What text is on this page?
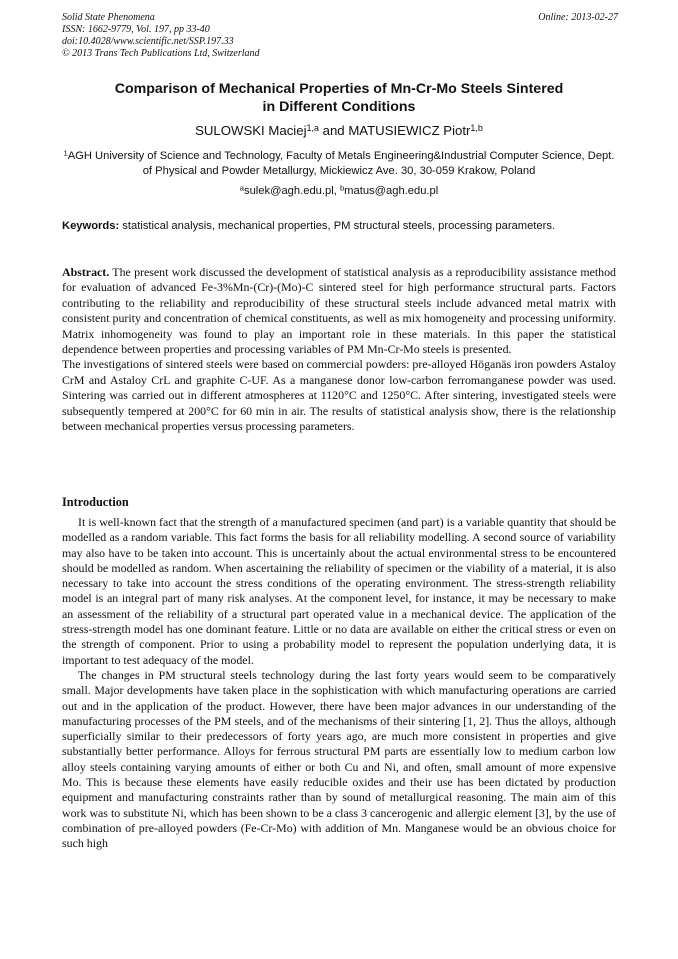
Solid State Phenomena
ISSN: 1662-9779, Vol. 197, pp 33-40
doi:10.4028/www.scientific.net/SSP.197.33
© 2013 Trans Tech Publications Ltd, Switzerland
Online: 2013-02-27
Comparison of Mechanical Properties of Mn-Cr-Mo Steels Sintered
in Different Conditions
SULOWSKI Maciej$^{1,a}$ and MATUSIEWICZ Piotr$^{1,b}$
$^1$AGH University of Science and Technology, Faculty of Metals Engineering&Industrial Computer Science, Dept. of Physical and Powder Metallurgy, Mickiewicz Ave. 30, 30-059 Krakow, Poland
$^a$sulek@agh.edu.pl, $^b$matus@agh.edu.pl
Keywords: statistical analysis, mechanical properties, PM structural steels, processing parameters.

Abstract. The present work discussed the development of statistical analysis as a reproducibility assistance method for evaluation of advanced Fe-3%Mn-(Cr)-(Mo)-C sintered steel for high performance structural parts. Factors contributing to the reliability and reproducibility of these structural steels include advanced metal matrix with consistent purity and concentration of chemical constituents, as well as mix homogeneity and processing uniformity. Matrix inhomogeneity was found to play an important role in these materials. In this paper the statistical dependence between properties and processing variables of PM Mn-Cr-Mo steels is presented.

The investigations of sintered steels were based on commercial powders: pre-alloyed Höganäs iron powders Astaloy CrM and Astaloy CrL and graphite C-UF. As a manganese donor low-carbon ferromanganese powder was used. Sintering was carried out in different atmospheres at 1120°C and 1250°C. After sintering, investigated steels were subsequently tempered at 200°C for 60 min in air. The results of statistical analysis show, there is the relationship between mechanical properties versus processing parameters.

Introduction

It is well-known fact that the strength of a manufactured specimen (and part) is a variable quantity that should be modelled as a random variable. This fact forms the basis for all reliability modelling. A second source of variability may also have to be taken into account. This is uncertainly about the actual environmental stress to be encountered should be modelled as random. When ascertaining the reliability of specimen or the viability of a material, it is also necessary to take into account the stress conditions of the operating environment. The stress-strength reliability model is an integral part of many risk analyses. At the component level, for instance, it may be necessary to make an assessment of the reliability of a structural part operated value in a mechanical device. The application of the stress-strength model has one dominant feature. Little or no data are available on either the critical stress or even on the strength of component. Prior to using a probability model to represent the population underlying data, it is important to test adequacy of the model.

The changes in PM structural steels technology during the last forty years would seem to be comparatively small. Major developments have taken place in the sophistication with which manufacturing operations are carried out and in the application of the product. However, there have been major advances in our understanding of the manufacturing processes of the PM steels, and of the mechanisms of their sintering [1, 2]. Thus the alloys, although superficially similar to their predecessors of forty years ago, are much more consistent in properties and give substantially better performance. Alloys for ferrous structural PM parts are essentially low to medium carbon low alloy steels containing varying amounts of either or both Cu and Ni, and often, small amount of more expensive Mo. This is because these elements have easily reducible oxides and their use has been dictated by production equipment and manufacturing constraints rather than by sound of metallurgical reasoning. The main aim of this work was to substitute Ni, which has been shown to be a class 3 cancerogenic and allergic element [3], by the use of combination of pre-alloyed powders (Fe-Cr-Mo) with addition of Mn. Manganese would be an obvious choice for such high
